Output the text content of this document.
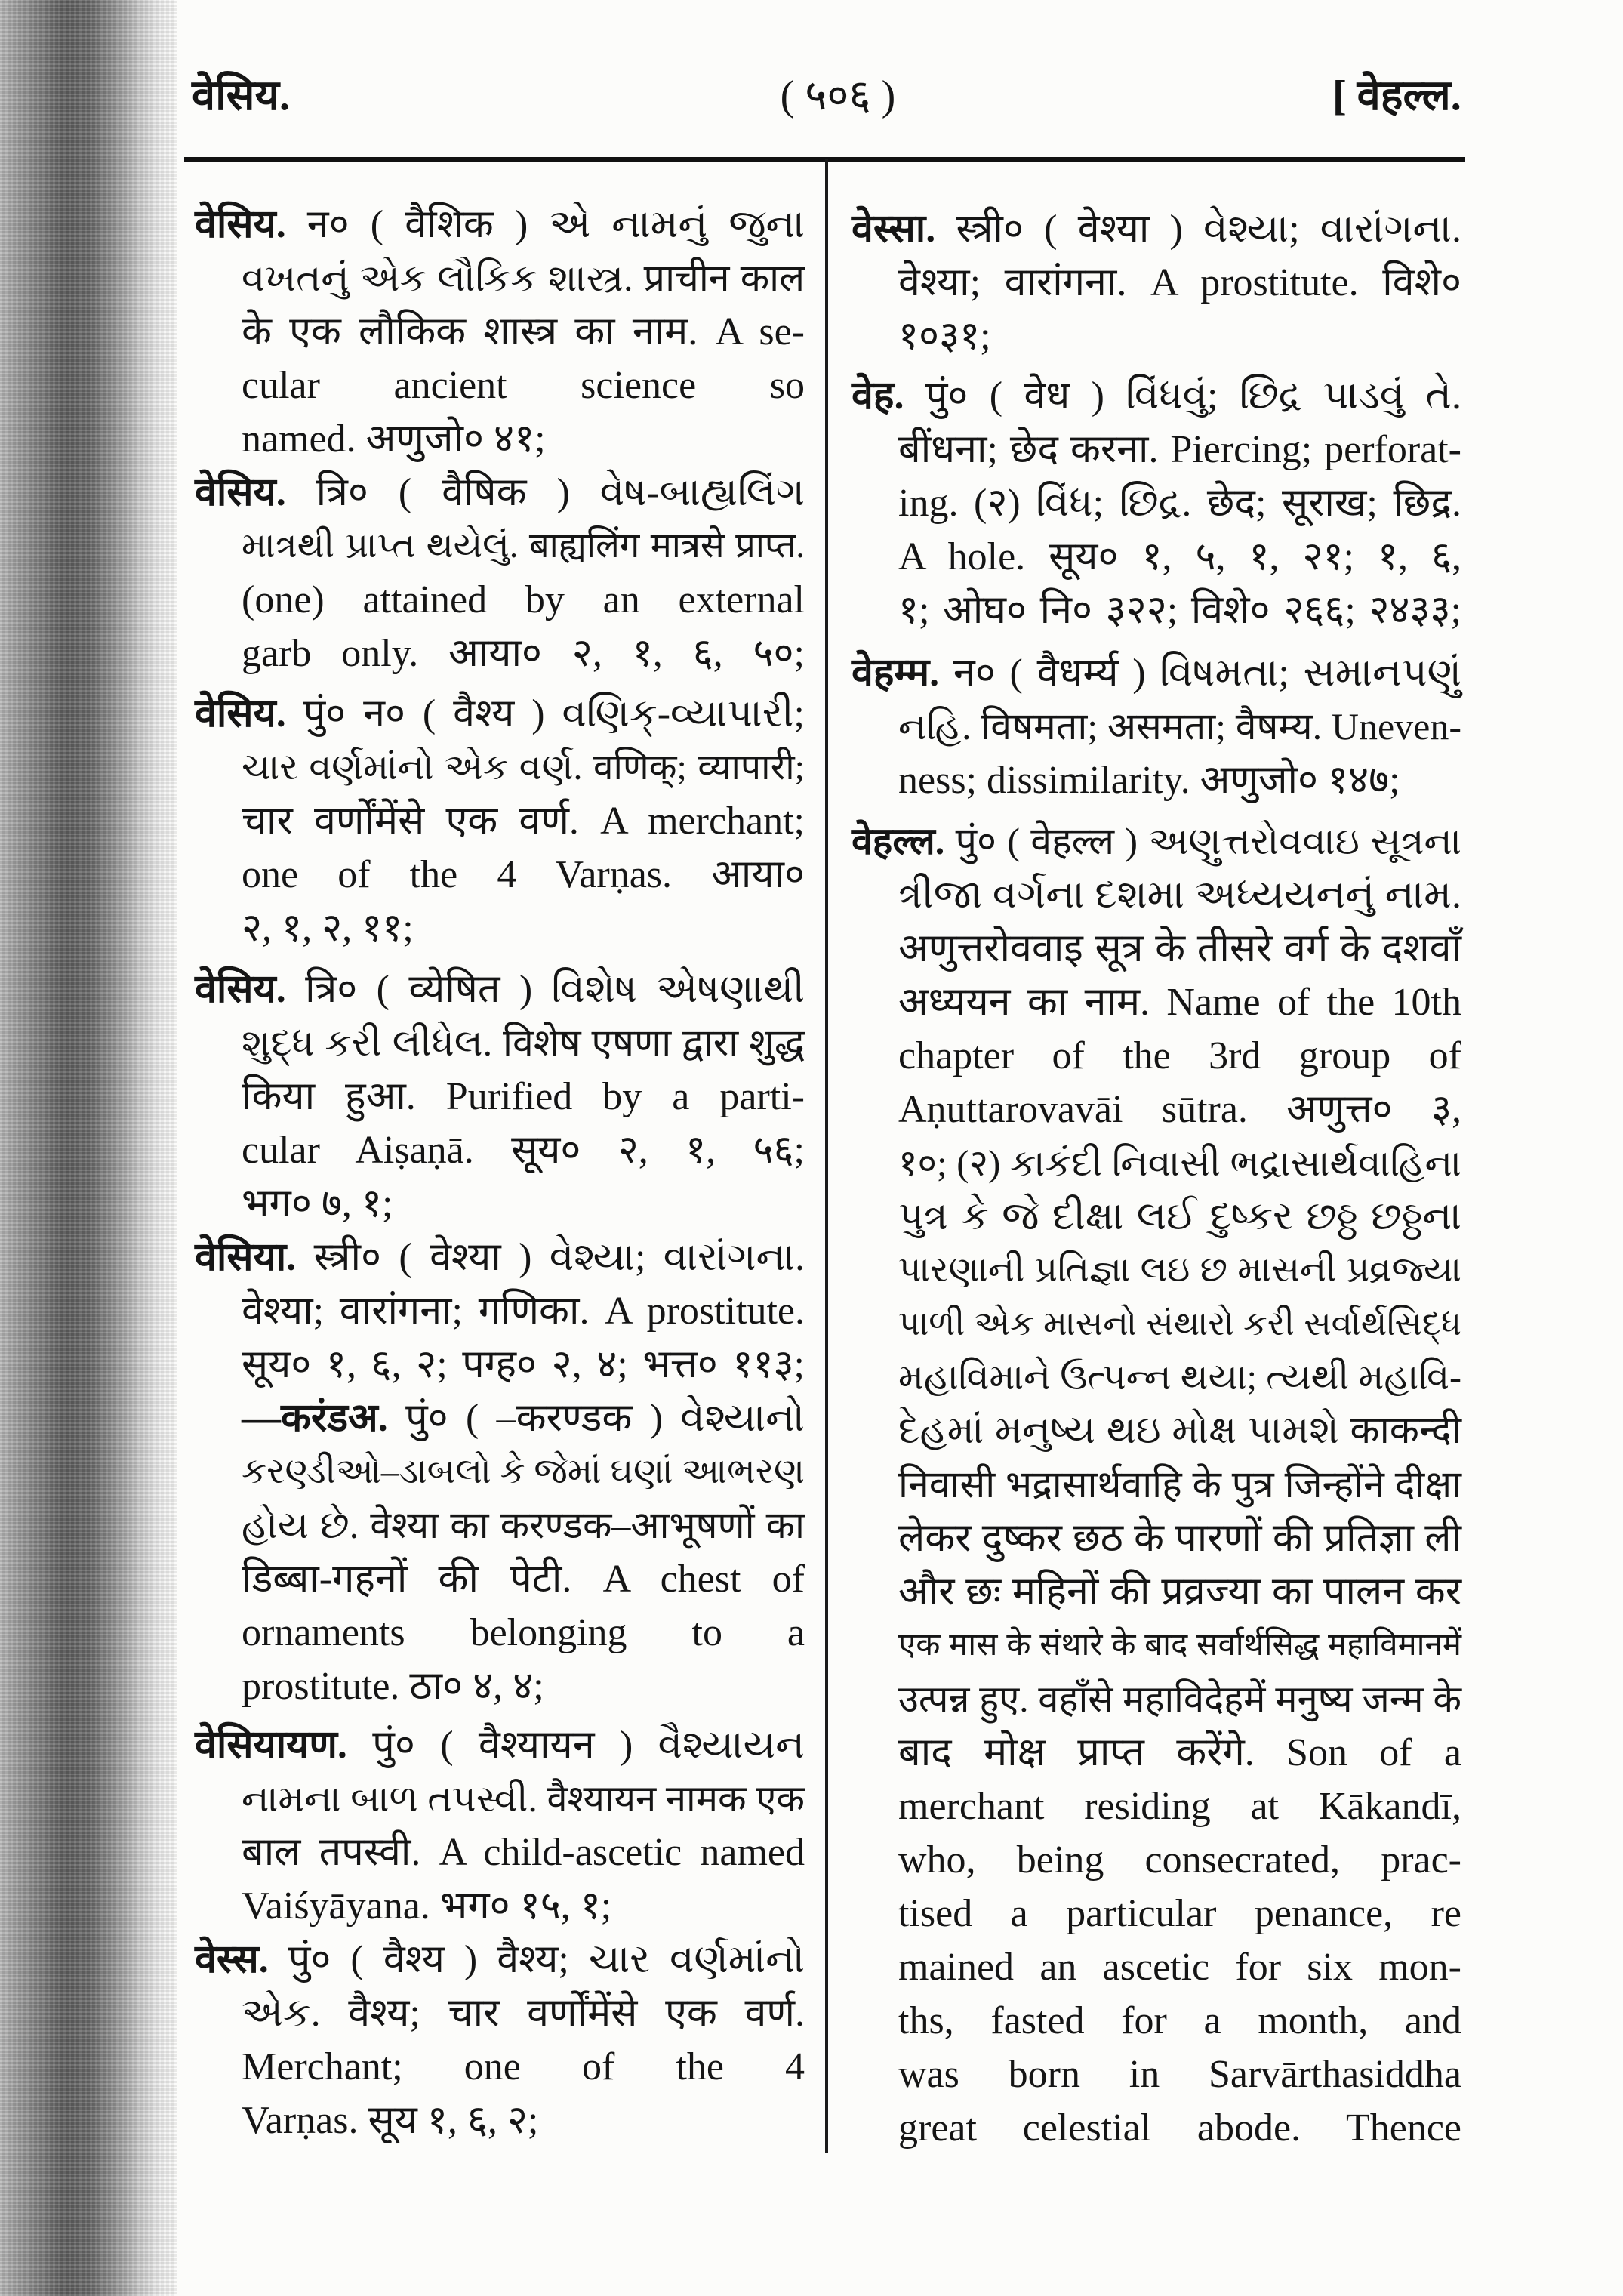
वेसिय.	( ५०६ )	[ वेहल्ल.
वेसिय. न० ( वैशिक ) એ નામનું જુના
વખતનું એક લૌકિક શાસ્ત્ર. प्राचीन काल
के एक लौकिक शास्त्र का नाम. A se-
cular ancient science so
named. अणुजो० ४१;
वेसिय. त्रि० ( वैषिक ) વેષ-બાહ્યલિંગ
માત્રથી પ્રાપ્ત થયેલું. बाह्यलिंग मात्रसे प्राप्त.
(one) attained by an external
garb only. आया० २, १, ६, ५०;
वेसिय. पुं० न० ( वैश्य ) વણિક્-વ્યાપારી;
ચાર વર્ણમાંનો એક વર્ણ. वणिक्; व्यापारी;
चार वर्णोंमेंसे एक वर्ण. A merchant;
one of the 4 Varṇas. आया०
२, १, २, ११;
वेसिय. त्रि० ( व्येषित ) વિશેષ એષણાથી
શુદ્ધ કરી લીધેલ. विशेष एषणा द्वारा शुद्ध
किया हुआ. Purified by a parti-
cular Aiṣaṇā. सूय० २, १, ५६;
भग० ७, १;
वेसिया. स्त्री० ( वेश्या ) વેશ્યા; વારાંગના.
वेश्या; वारांगना; गणिका. A prostitute.
सूय० १, ६, २; पग्ह० २, ४; भत्त० ११३;
—करंडअ. पुं० ( –करण्डक ) વેશ્યાનો
કરણ્ડીઓ–ડાબલો કે જેમાં ઘણાં આભરણ
હોય છે. वेश्या का करण्डक–आभूषणों का
डिब्बा-गहनों की पेटी. A chest of
ornaments belonging to a
prostitute. ठा० ४, ४;
वेसियायण. पुं० ( वैश्यायन ) વૈશ્યાયન
નામના બાળ તપસ્વી. वैश्यायन नामक एक
बाल तपस्वी. A child-ascetic named
Vaiśyāyana. भग० १५, १;
वेस्स. पुं० ( वैश्य ) वैश्य; ચાર વર્ણમાંનો
એક. वैश्य; चार वर्णोंमेंसे एक वर्ण.
Merchant; one of the 4
Varṇas. सूय १, ६, २;
वेस्सा. स्त्री० ( वेश्या ) વેશ્યા; વારાંગના.
वेश्या; वारांगना. A prostitute. विशे०
१०३१;
वेह. पुं० ( वेध ) વિંધવું; છિદ્ર પાડવું તે.
बींधना; छेद करना. Piercing; perforat-
ing. (२) વિંધ; છિદ્ર. छेद; सूराख; छिद्र.
A hole. सूय० १, ५, १, २१; १, ६,
१; ओघ० नि० ३२२; विशे० २६६; २४३३;
वेहम्म. न० ( वैधर्म्य ) વિષમતા; સમાનપણું
નહિ. विषमता; असमता; वैषम्य. Uneven-
ness; dissimilarity. अणुजो० १४७;
वेहल्ल. पुं० ( वेहल्ल ) અણુત્તરોવવાઇ સૂત્રના
ત્રીજા વર્ગના દશમા અધ્યયનનું નામ.
अणुत्तरोववाइ सूत्र के तीसरे वर्ग के दशवाँ
अध्ययन का नाम. Name of the 10th
chapter of the 3rd group of
Aṇuttarovavāi sūtra. अणुत्त० ३,
१०; (२) કાકંદી નિવાસી ભદ્રાસાર્થવાહિના
પુત્ર કે જે દીક્ષા લઈ દુષ્કર છઠ્ઠ છઠ્ઠના
પારણાની પ્રતિજ્ઞા લઇ છ માસની પ્રવ્રજ્યા
પાળી એક માસનો સંથારો કરી સર્વાર્થસિદ્ધ
મહાવિમાને ઉત્પન્ન થયા; ત્યથી મહાવિ-
દેહમાં મનુષ્ય થઇ મોક્ષ પામશે काकन्दी
निवासी भद्रासार्थवाहि के पुत्र जिन्होंने दीक्षा
लेकर दुष्कर छठ के पारणों की प्रतिज्ञा ली
और छः महिनों की प्रव्रज्या का पालन कर
एक मास के संथारे के बाद सर्वार्थसिद्ध महाविमानमें
उत्पन्न हुए. वहाँसे महाविदेहमें मनुष्य जन्म के
बाद मोक्ष प्राप्त करेंगे. Son of a
merchant residing at Kākandī,
who, being consecrated, prac-
tised a particular penance, re
mained an ascetic for six mon-
ths, fasted for a month, and
was born in Sarvārthasiddha
great celestial abode. Thence
